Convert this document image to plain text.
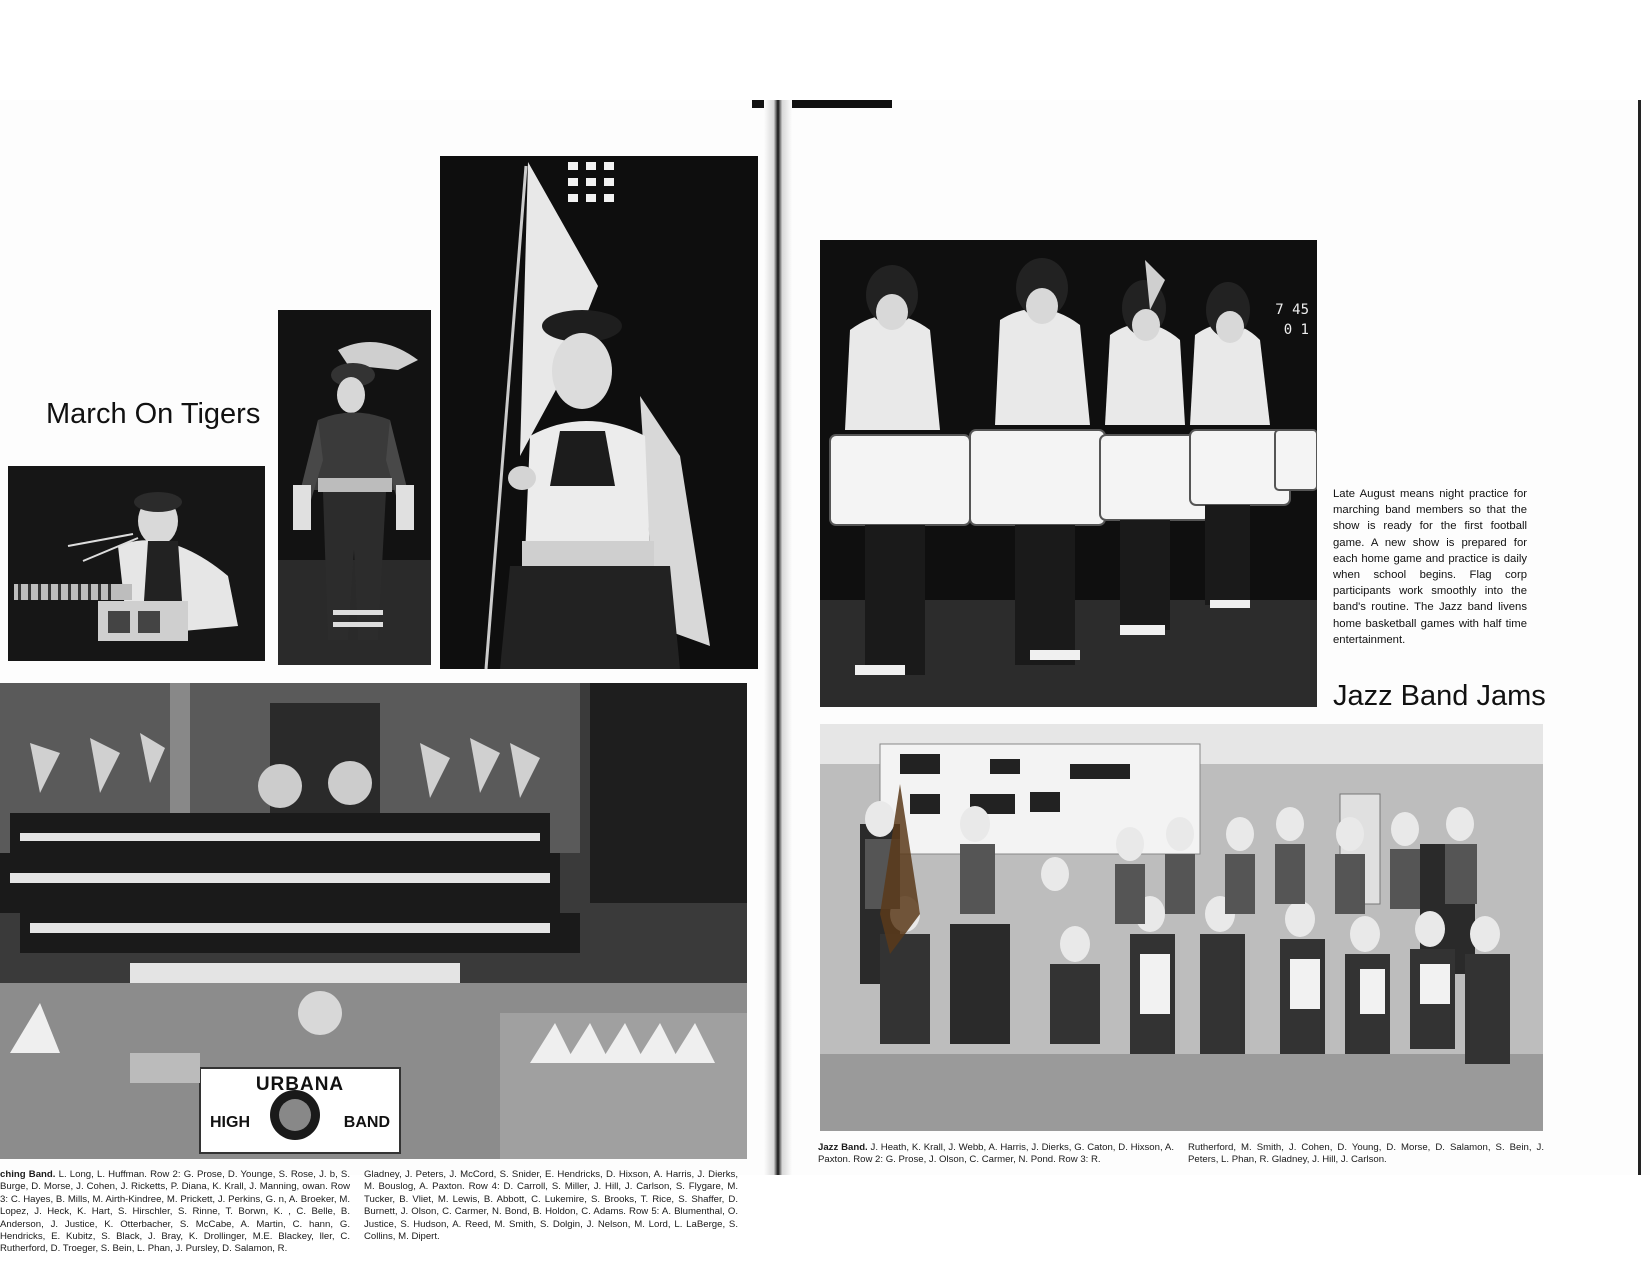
March On Tigers
URBANA
HIGH	BAND
ching Band. L. Long, L. Huffman. Row 2: G. Prose, D. Younge, S. Rose, J. b, S. Burge, D. Morse, J. Cohen, J. Ricketts, P. Diana, K. Krall, J. Manning, owan. Row 3: C. Hayes, B. Mills, M. Airth-Kindree, M. Prickett, J. Perkins, G. n, A. Broeker, M. Lopez, J. Heck, K. Hart, S. Hirschler, S. Rinne, T. Borwn, K. , C. Belle, B. Anderson, J. Justice, K. Otterbacher, S. McCabe, A. Martin, C. hann, G. Hendricks, E. Kubitz, S. Black, J. Bray, K. Drollinger, M.E. Blackey, ller, C. Rutherford, D. Troeger, S. Bein, L. Phan, J. Pursley, D. Salamon, R.
Gladney, J. Peters, J. McCord, S. Snider, E. Hendricks, D. Hixson, A. Harris, J. Dierks, M. Bouslog, A. Paxton. Row 4: D. Carroll, S. Miller, J. Hill, J. Carlson, S. Flygare, M. Tucker, B. Vliet, M. Lewis, B. Abbott, C. Lukemire, S. Brooks, T. Rice, S. Shaffer, D. Burnett, J. Olson, C. Carmer, N. Bond, B. Holdon, C. Adams. Row 5: A. Blumenthal, O. Justice, S. Hudson, A. Reed, M. Smith, S. Dolgin, J. Nelson, M. Lord, L. LaBerge, S. Collins, M. Dipert.
7 45
0 1
Late August means night practice for marching band members so that the show is ready for the first football game. A new show is prepared for each home game and practice is daily when school begins. Flag corp participants work smoothly into the band's routine. The Jazz band livens home basketball games with half time entertainment.
Jazz Band Jams
Jazz Band. J. Heath, K. Krall, J. Webb, A. Harris, J. Dierks, G. Caton, D. Hixson, A. Paxton. Row 2: G. Prose, J. Olson, C. Carmer, N. Pond. Row 3: R.
Rutherford, M. Smith, J. Cohen, D. Young, D. Morse, D. Salamon, S. Bein, J. Peters, L. Phan, R. Gladney, J. Hill, J. Carlson.
